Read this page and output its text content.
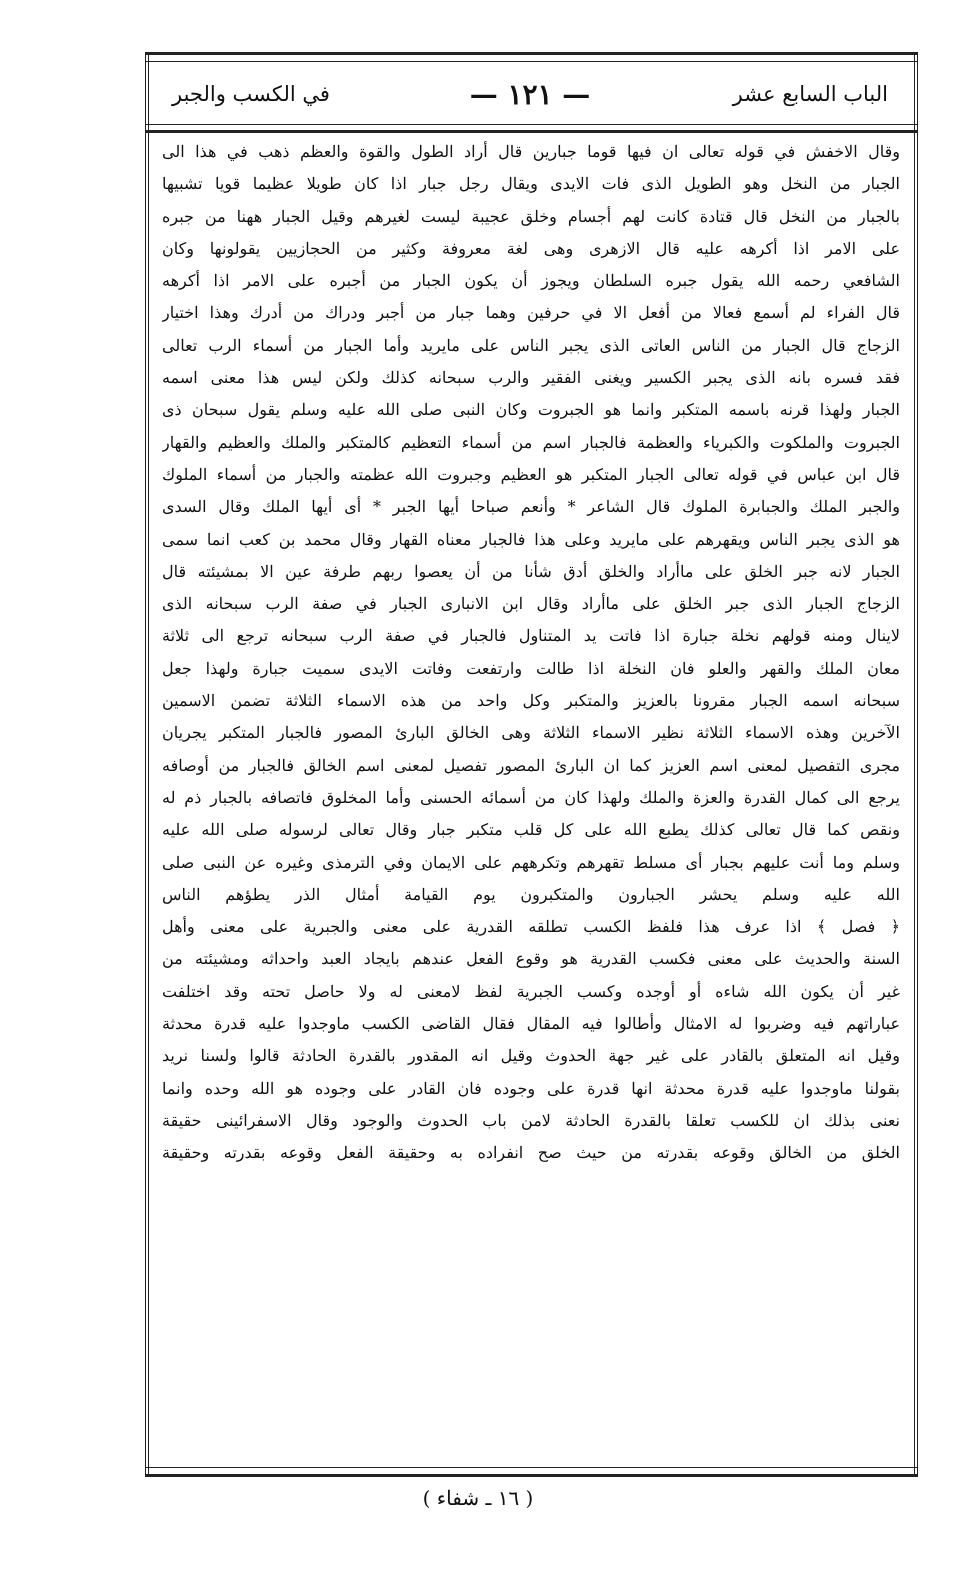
الباب السابع عشر
— ١٢١ —
في الكسب والجبر
وقال الاخفش في قوله تعالى ان فيها قوما جبارين قال أراد الطول والقوة والعظم ذهب في هذا الى
الجبار من النخل وهو الطويل الذى فات الايدى ويقال رجل جبار اذا كان طويلا عظيما قويا تشبيها
بالجبار من النخل قال قتادة كانت لهم أجسام وخلق عجيبة ليست لغيرهم وقيل الجبار ههنا من جبره
على الامر اذا أكرهه عليه قال الازهرى وهى لغة معروفة وكثير من الحجازيين يقولونها وكان
الشافعي رحمه الله يقول جبره السلطان ويجوز أن يكون الجبار من أجبره على الامر اذا أكرهه
قال الفراء لم أسمع فعالا من أفعل الا في حرفين وهما جبار من أجبر ودراك من أدرك وهذا اختيار
الزجاج قال الجبار من الناس العاتى الذى يجبر الناس على مايريد وأما الجبار من أسماء الرب تعالى
فقد فسره بانه الذى يجبر الكسير ويغنى الفقير والرب سبحانه كذلك ولكن ليس هذا معنى اسمه
الجبار ولهذا قرنه باسمه المتكبر وانما هو الجبروت وكان النبى صلى الله عليه وسلم يقول سبحان ذى
الجبروت والملكوت والكبرياء والعظمة فالجبار اسم من أسماء التعظيم كالمتكبر والملك والعظيم والقهار
قال ابن عباس في قوله تعالى الجبار المتكبر هو العظيم وجبروت الله عظمته والجبار من أسماء الملوك
والجبر الملك والجبابرة الملوك قال الشاعر * وأنعم صباحا أيها الجبر * أى أيها الملك وقال السدى
هو الذى يجبر الناس ويقهرهم على مايريد وعلى هذا فالجبار معناه القهار وقال محمد بن كعب انما سمى
الجبار لانه جبر الخلق على ماأراد والخلق أدق شأنا من أن يعصوا ربهم طرفة عين الا بمشيئته قال
الزجاج الجبار الذى جبر الخلق على ماأراد وقال ابن الانبارى الجبار في صفة الرب سبحانه الذى
لاينال ومنه قولهم نخلة جبارة اذا فاتت يد المتناول فالجبار في صفة الرب سبحانه ترجع الى ثلاثة
معان الملك والقهر والعلو فان النخلة اذا طالت وارتفعت وفاتت الايدى سميت جبارة ولهذا جعل
سبحانه اسمه الجبار مقرونا بالعزيز والمتكبر وكل واحد من هذه الاسماء الثلاثة تضمن الاسمين
الآخرين وهذه الاسماء الثلاثة نظير الاسماء الثلاثة وهى الخالق البارئ المصور فالجبار المتكبر يجريان
مجرى التفصيل لمعنى اسم العزيز كما ان البارئ المصور تفصيل لمعنى اسم الخالق فالجبار من أوصافه
يرجع الى كمال القدرة والعزة والملك ولهذا كان من أسمائه الحسنى وأما المخلوق فاتصافه بالجبار ذم له
ونقص كما قال تعالى كذلك يطبع الله على كل قلب متكبر جبار وقال تعالى لرسوله صلى الله عليه
وسلم وما أنت عليهم بجبار أى مسلط تقهرهم وتكرههم على الايمان وفي الترمذى وغيره عن النبى صلى
الله عليه وسلم يحشر الجبارون والمتكبرون يوم القيامة أمثال الذر يطؤهم الناس
﴿ فصل ﴾ اذا عرف هذا فلفظ الكسب تطلقه القدرية على معنى والجبرية على معنى وأهل
السنة والحديث على معنى فكسب القدرية هو وقوع الفعل عندهم بايجاد العبد واحداثه ومشيئته من
غير أن يكون الله شاءه أو أوجده وكسب الجبرية لفظ لامعنى له ولا حاصل تحته وقد اختلفت
عباراتهم فيه وضربوا له الامثال وأطالوا فيه المقال فقال القاضى الكسب ماوجدوا عليه قدرة محدثة
وقيل انه المتعلق بالقادر على غير جهة الحدوث وقيل انه المقدور بالقدرة الحادثة قالوا ولسنا نريد
بقولنا ماوجدوا عليه قدرة محدثة انها قدرة على وجوده فان القادر على وجوده هو الله وحده وانما
نعنى بذلك ان للكسب تعلقا بالقدرة الحادثة لامن باب الحدوث والوجود وقال الاسفرائينى حقيقة
الخلق من الخالق وقوعه بقدرته من حيث صح انفراده به وحقيقة الفعل وقوعه بقدرته وحقيقة
( ١٦ ـ شفاء )
